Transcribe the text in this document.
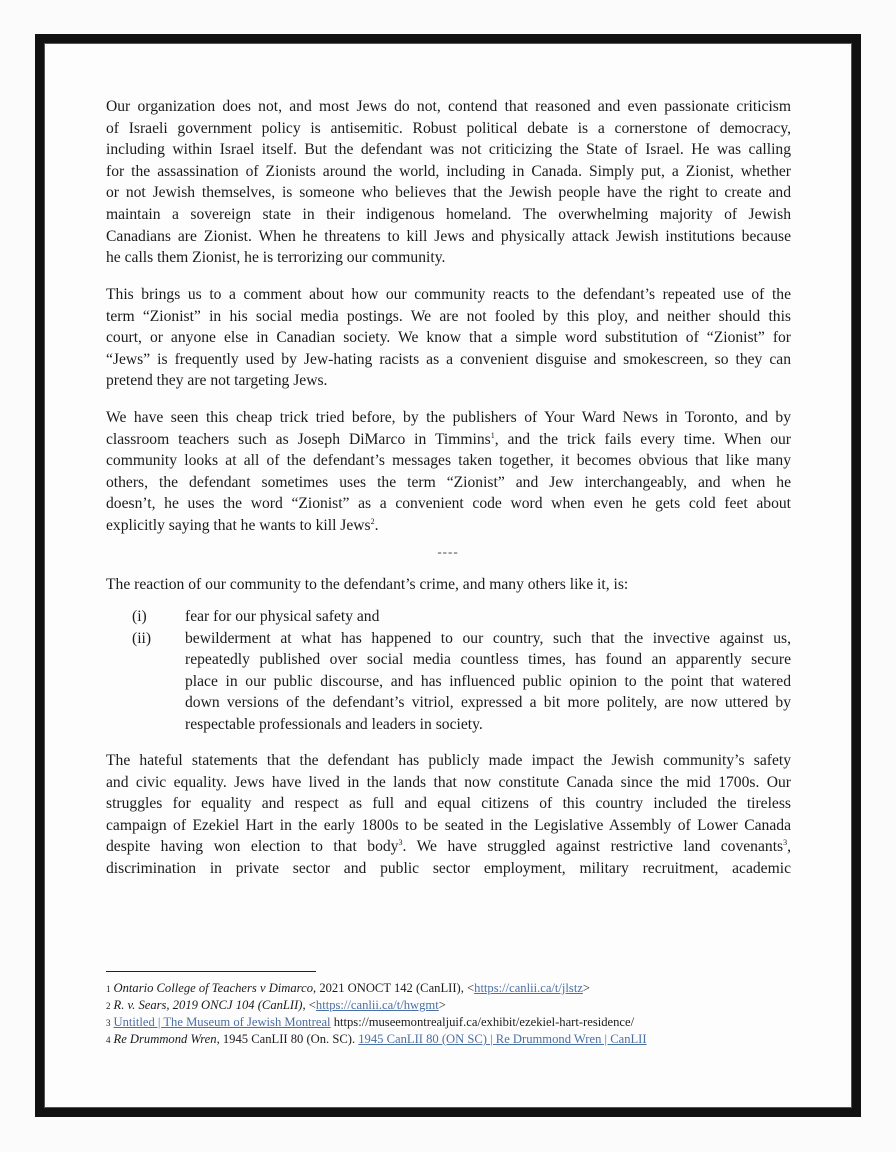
Our organization does not, and most Jews do not, contend that reasoned and even passionate criticism
of Israeli government policy is antisemitic. Robust political debate is a cornerstone of democracy,
including within Israel itself. But the defendant was not criticizing the State of Israel. He was calling
for the assassination of Zionists around the world, including in Canada. Simply put, a Zionist, whether
or not Jewish themselves, is someone who believes that the Jewish people have the right to create and
maintain a sovereign state in their indigenous homeland. The overwhelming majority of Jewish
Canadians are Zionist. When he threatens to kill Jews and physically attack Jewish institutions because
he calls them Zionist, he is terrorizing our community.
This brings us to a comment about how our community reacts to the defendant’s repeated use of the
term “Zionist” in his social media postings. We are not fooled by this ploy, and neither should this
court, or anyone else in Canadian society. We know that a simple word substitution of “Zionist” for
“Jews” is frequently used by Jew-hating racists as a convenient disguise and smokescreen, so they can
pretend they are not targeting Jews.
We have seen this cheap trick tried before, by the publishers of Your Ward News in Toronto, and by
classroom teachers such as Joseph DiMarco in Timmins$^1$, and the trick fails every time. When our
community looks at all of the defendant’s messages taken together, it becomes obvious that like many
others, the defendant sometimes uses the term “Zionist” and Jew interchangeably, and when he
doesn’t, he uses the word “Zionist” as a convenient code word when even he gets cold feet about
explicitly saying that he wants to kill Jews$^2$.
----
The reaction of our community to the defendant’s crime, and many others like it, is:
(i) fear for our physical safety and
(ii) bewilderment at what has happened to our country, such that the invective against us,
repeatedly published over social media countless times, has found an apparently secure
place in our public discourse, and has influenced public opinion to the point that watered
down versions of the defendant’s vitriol, expressed a bit more politely, are now uttered by
respectable professionals and leaders in society.
The hateful statements that the defendant has publicly made impact the Jewish community’s safety
and civic equality. Jews have lived in the lands that now constitute Canada since the mid 1700s. Our
struggles for equality and respect as full and equal citizens of this country included the tireless
campaign of Ezekiel Hart in the early 1800s to be seated in the Legislative Assembly of Lower Canada
despite having won election to that body$^3$. We have struggled against restrictive land covenants$^3$,
discrimination in private sector and public sector employment, military recruitment, academic
$^1$ Ontario College of Teachers v Dimarco, 2021 ONOCT 142 (CanLII), <https://canlii.ca/t/jlstz>
$^2$ R. v. Sears, 2019 ONCJ 104 (CanLII), <https://canlii.ca/t/hwgmt>
$^3$ Untitled | The Museum of Jewish Montreal https://museemontrealjuif.ca/exhibit/ezekiel-hart-residence/
$^4$ Re Drummond Wren, 1945 CanLII 80 (On. SC). 1945 CanLII 80 (ON SC) | Re Drummond Wren | CanLII
